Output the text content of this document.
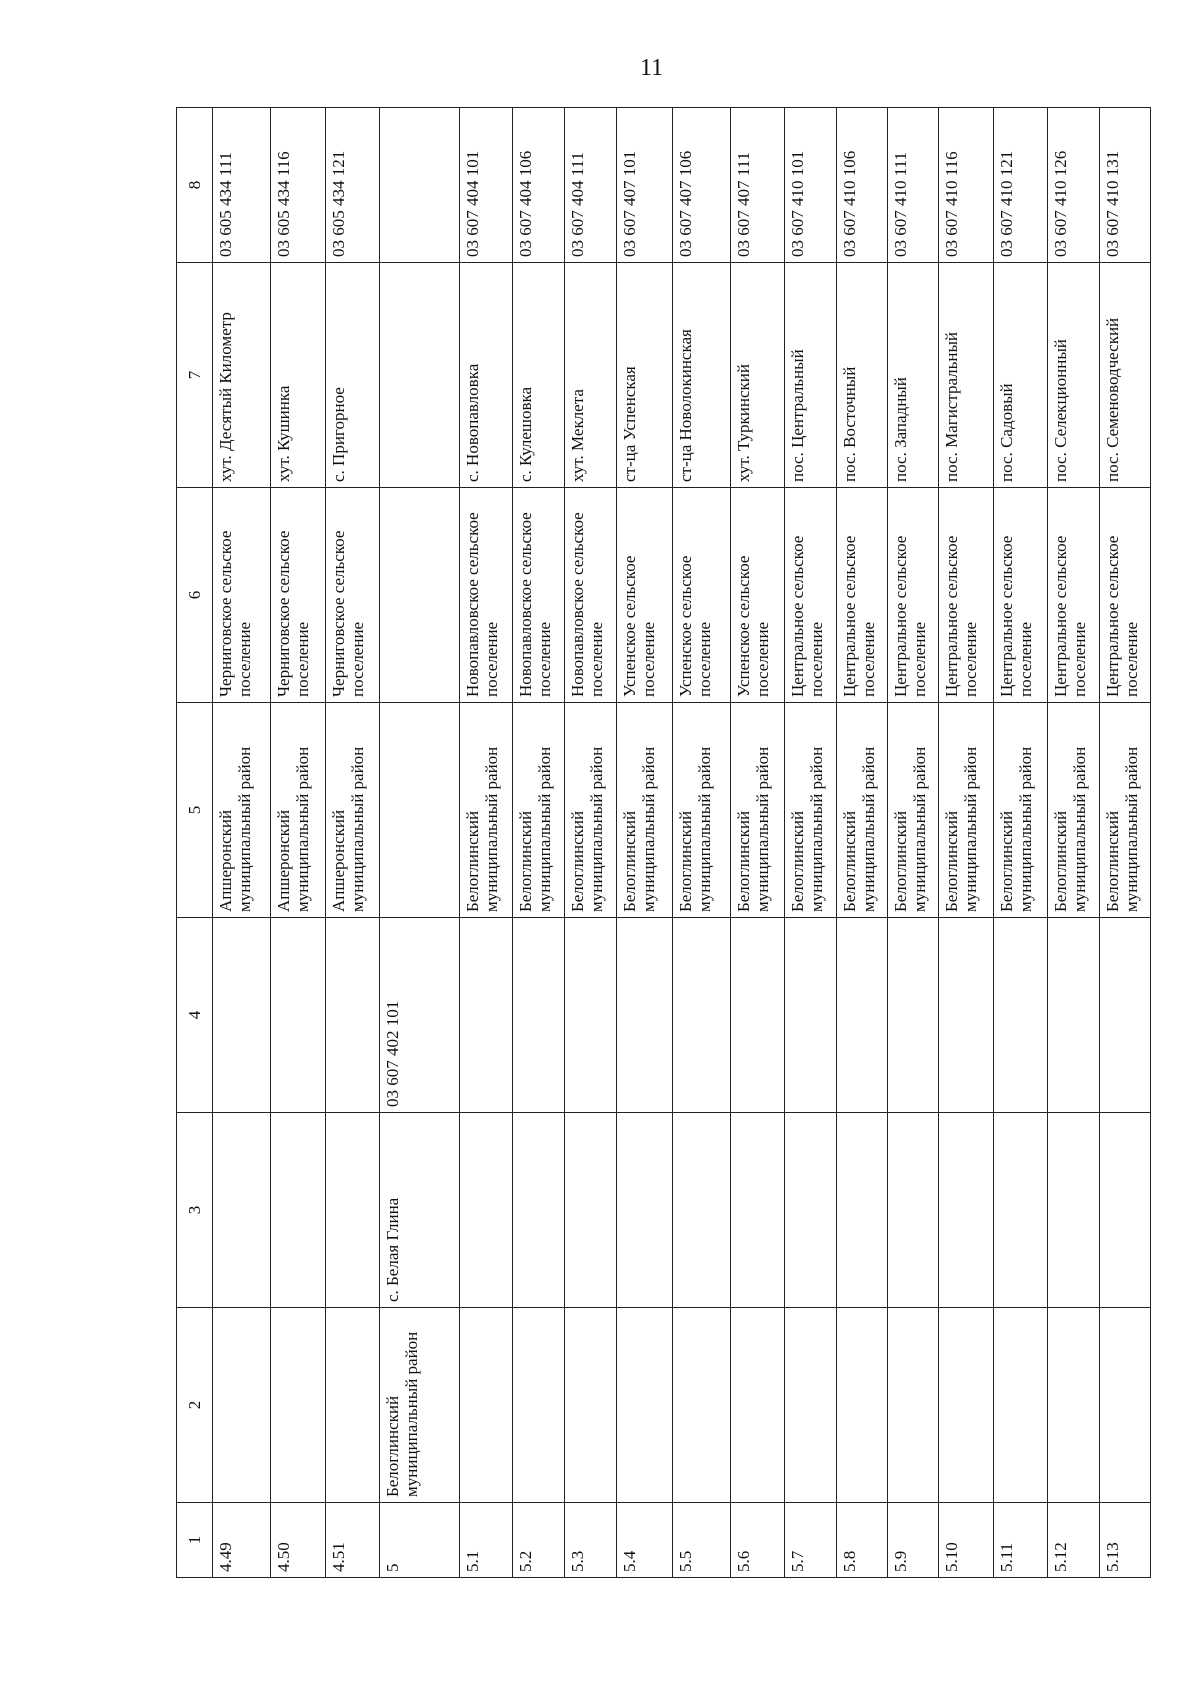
11
1	2	3	4	5	6	7	8
4.49				Апшеронский муниципальный район	Черниговское сельское поселение	хут. Десятый Километр	03 605 434 111
4.50				Апшеронский муниципальный район	Черниговское сельское поселение	хут. Кушинка	03 605 434 116
4.51				Апшеронский муниципальный район	Черниговское сельское поселение	с. Пригорное	03 605 434 121
5	Белоглинский муниципальный район	с. Белая Глина	03 607 402 101				
5.1				Белоглинский муниципальный район	Новопавловское сельское поселение	с. Новопавловка	03 607 404 101
5.2				Белоглинский муниципальный район	Новопавловское сельское поселение	с. Кулешовка	03 607 404 106
5.3				Белоглинский муниципальный район	Новопавловское сельское поселение	хут. Меклета	03 607 404 111
5.4				Белоглинский муниципальный район	Успенское сельское поселение	ст-ца Успенская	03 607 407 101
5.5				Белоглинский муниципальный район	Успенское сельское поселение	ст-ца Новолокинская	03 607 407 106
5.6				Белоглинский муниципальный район	Успенское сельское поселение	хут. Туркинский	03 607 407 111
5.7				Белоглинский муниципальный район	Центральное сельское поселение	пос. Центральный	03 607 410 101
5.8				Белоглинский муниципальный район	Центральное сельское поселение	пос. Восточный	03 607 410 106
5.9				Белоглинский муниципальный район	Центральное сельское поселение	пос. Западный	03 607 410 111
5.10				Белоглинский муниципальный район	Центральное сельское поселение	пос. Магистральный	03 607 410 116
5.11				Белоглинский муниципальный район	Центральное сельское поселение	пос. Садовый	03 607 410 121
5.12				Белоглинский муниципальный район	Центральное сельское поселение	пос. Селекционный	03 607 410 126
5.13				Белоглинский муниципальный район	Центральное сельское поселение	пос. Семеноводческий	03 607 410 131
